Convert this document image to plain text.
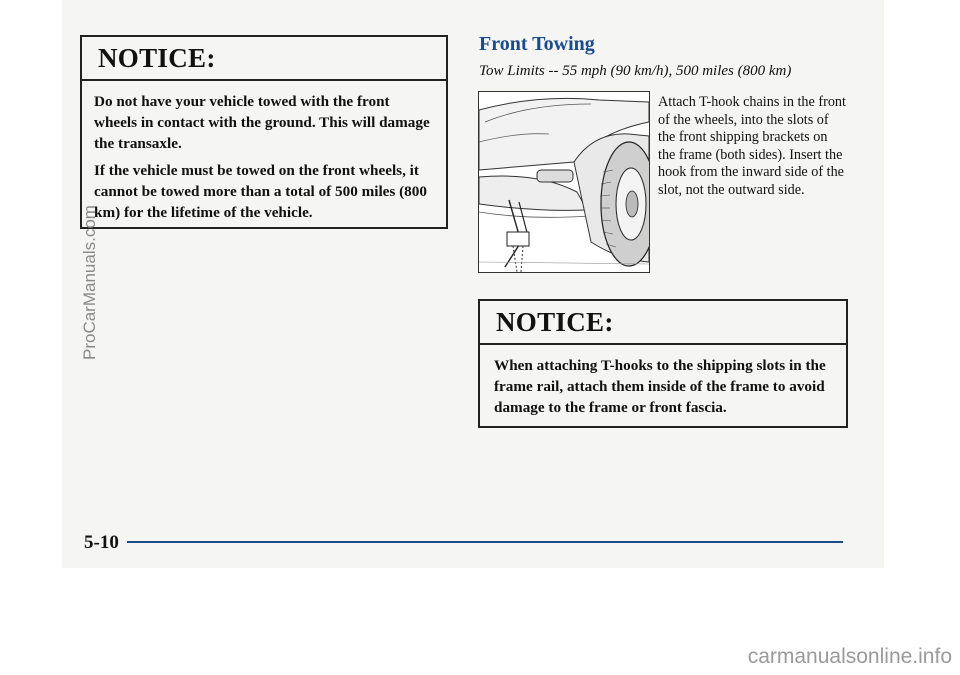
NOTICE:

Do not have your vehicle towed with the front wheels in contact with the ground. This will damage the transaxle.

If the vehicle must be towed on the front wheels, it cannot be towed more than a total of 500 miles (800 km) for the lifetime of the vehicle.

Front Towing

Tow Limits -- 55 mph (90 km/h), 500 miles (800 km)

Attach T-hook chains in the front of the wheels, into the slots of the front shipping brackets on the frame (both sides). Insert the hook from the inward side of the slot, not the outward side.

NOTICE:

When attaching T-hooks to the shipping slots in the frame rail, attach them inside of the frame to avoid damage to the frame or front fascia.

5-10
ProCarManuals.com
carmanualsonline.info
